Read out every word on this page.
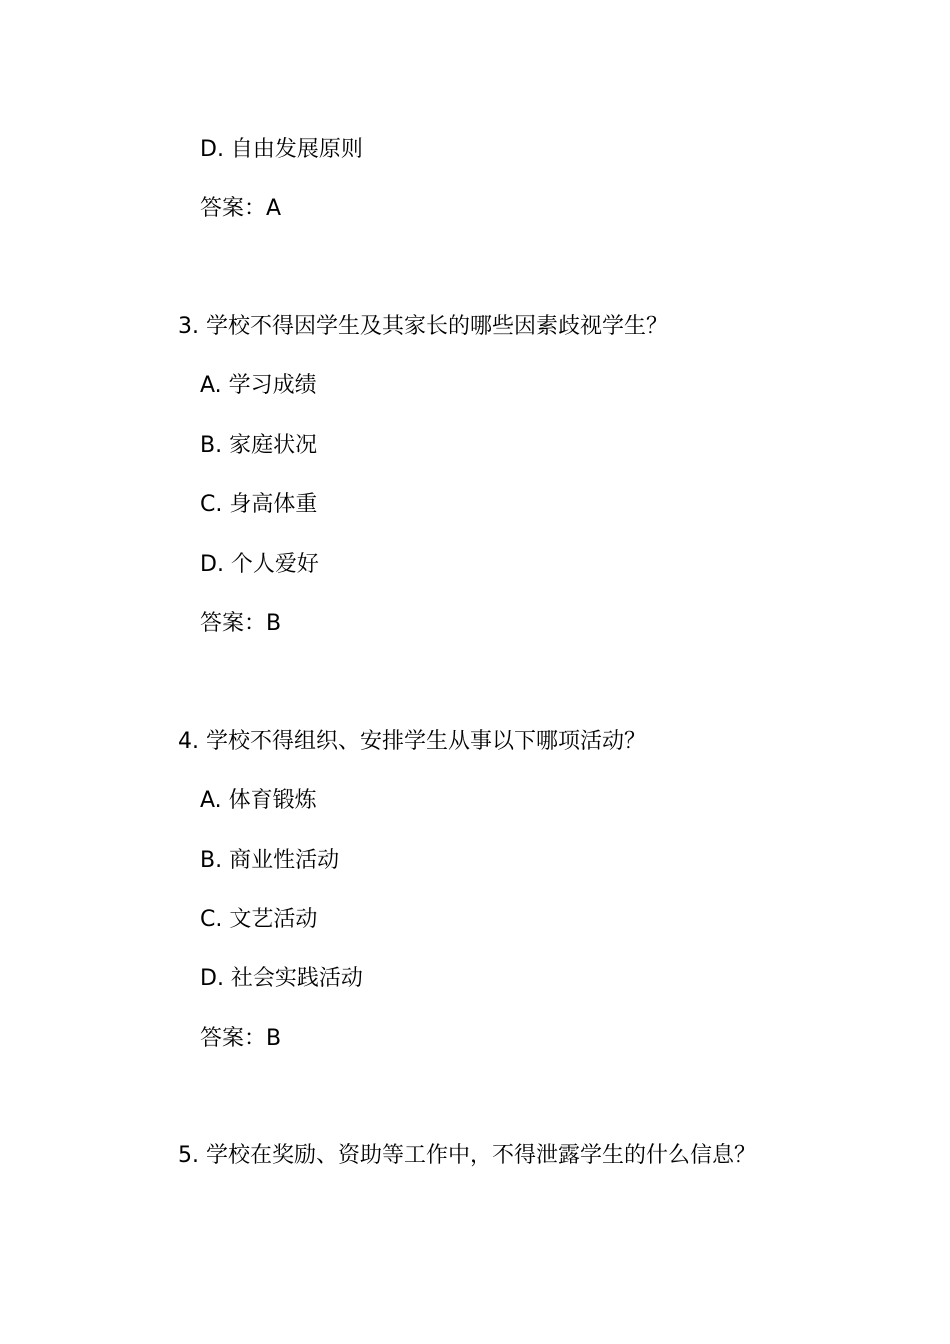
D. 自由发展原则
答案：A
3. 学校不得因学生及其家长的哪些因素歧视学生？
A. 学习成绩
B. 家庭状况
C. 身高体重
D. 个人爱好
答案：B
4. 学校不得组织、安排学生从事以下哪项活动？
A. 体育锻炼
B. 商业性活动
C. 文艺活动
D. 社会实践活动
答案：B
5. 学校在奖励、资助等工作中，不得泄露学生的什么信息？
